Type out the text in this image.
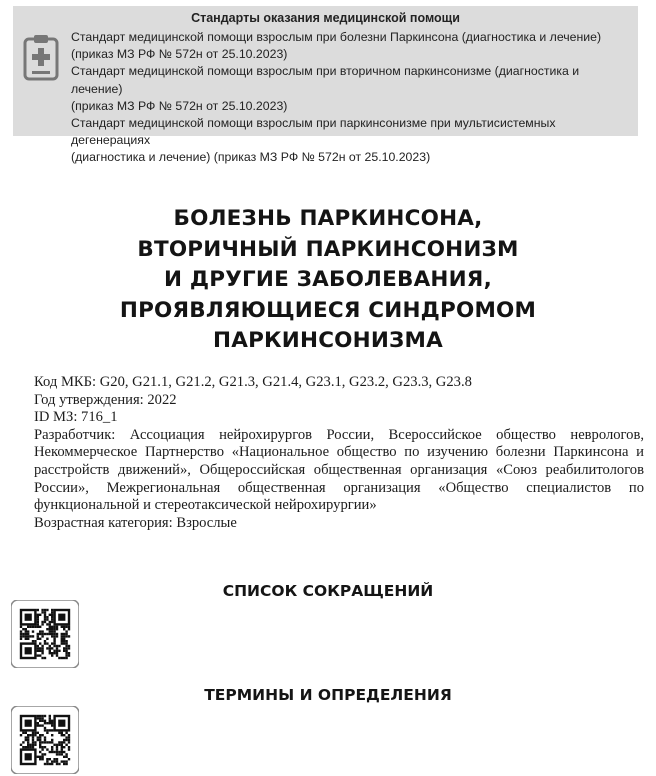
Стандарты оказания медицинской помощи
Стандарт медицинской помощи взрослым при болезни Паркинсона (диагностика и лечение)
(приказ МЗ РФ № 572н от 25.10.2023)
Стандарт медицинской помощи взрослым при вторичном паркинсонизме (диагностика и лечение)
(приказ МЗ РФ № 572н от 25.10.2023)
Стандарт медицинской помощи взрослым при паркинсонизме при мультисистемных дегенерациях
(диагностика и лечение) (приказ МЗ РФ № 572н от 25.10.2023)
БОЛЕЗНЬ ПАРКИНСОНА,
ВТОРИЧНЫЙ ПАРКИНСОНИЗМ
И ДРУГИЕ ЗАБОЛЕВАНИЯ,
ПРОЯВЛЯЮЩИЕСЯ СИНДРОМОМ
ПАРКИНСОНИЗМА
Код МКБ: G20, G21.1, G21.2, G21.3, G21.4, G23.1, G23.2, G23.3, G23.8
Год утверждения: 2022
ID МЗ: 716_1
Разработчик: Ассоциация нейрохирургов России, Всероссийское общество неврологов, Некоммерческое Партнерство «Национальное общество по изучению болезни Паркинсона и расстройств движений», Общероссийская общественная организация «Союз реабилитологов России», Межрегиональная общественная организация «Общество специалистов по функциональной и стереотаксической нейрохирургии»
Возрастная категория: Взрослые
СПИСОК СОКРАЩЕНИЙ
ТЕРМИНЫ И ОПРЕДЕЛЕНИЯ
